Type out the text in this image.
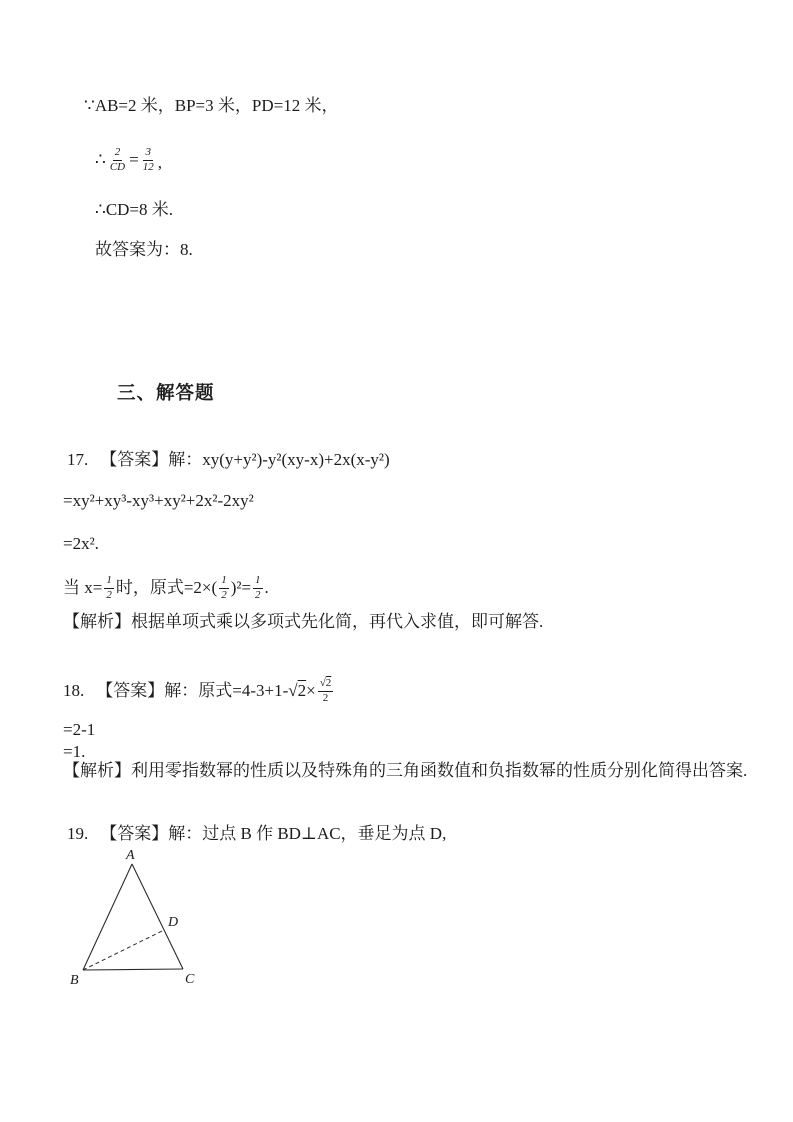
∵AB=2 米，BP=3 米，PD=12 米，
∴ $\frac{2}{CD} = \frac{3}{12}$ ,
∴CD=8 米.
故答案为：8.
三、解答题
17. 【答案】 解：xy(y+y²)-y²(xy-x)+2x(x-y²)
=xy²+xy³-xy³+xy²+2x²-2xy²
=2x².
当 $x= \frac{1}{2}$ 时，原式$=2\times( \frac{1}{2} )^2= \frac{1}{2}$ .
【解析】根据单项式乘以多项式先化简，再代入求值，即可解答.
18. 【答案】 解：原式=4-3+1- $√2 \times \frac{√2}{2}$
=2-1
=1.
【解析】利用零指数幂的性质以及特殊角的三角函数值和负指数幂的性质分别化简得出答案.
19. 【答案】 解：过点 B 作 BD⊥AC，垂足为点 D,
A
B	C
D
